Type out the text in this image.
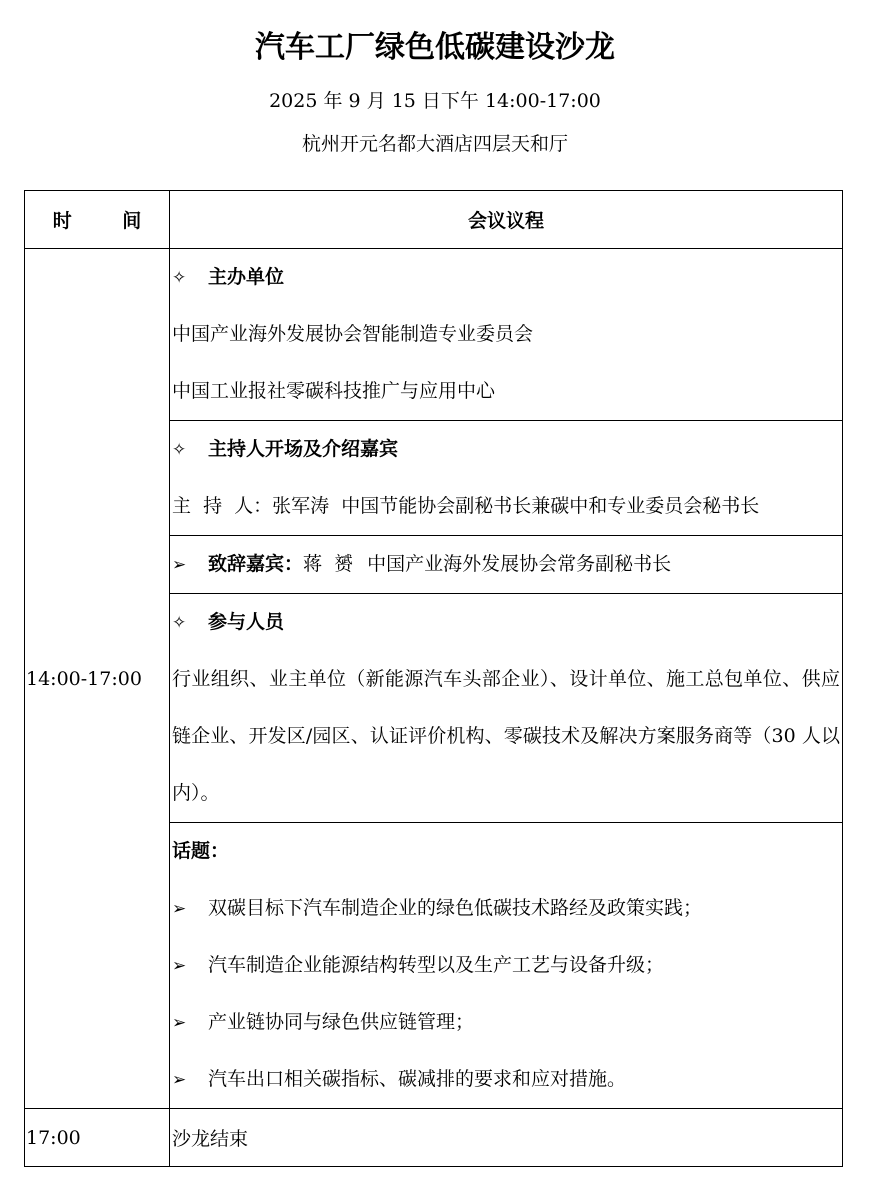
汽车工厂绿色低碳建设沙龙
2025 年 9 月 15 日下午 14:00-17:00
杭州开元名都大酒店四层天和厅
时 间	会议议程

14:00-17:00	✧ 主办单位
中国产业海外发展协会智能制造专业委员会
中国工业报社零碳科技推广与应用中心

	✧ 主持人开场及介绍嘉宾
主  持  人：张军涛  中国节能协会副秘书长兼碳中和专业委员会秘书长

	➢ 致辞嘉宾：蒋  赟 中国产业海外发展协会常务副秘书长

	✧ 参与人员
行业组织、业主单位（新能源汽车头部企业）、设计单位、施工总包单位、供应链企业、开发区/园区、认证评价机构、零碳技术及解决方案服务商等（30 人以内）。

	话题：
➢ 双碳目标下汽车制造企业的绿色低碳技术路经及政策实践；
➢ 汽车制造企业能源结构转型以及生产工艺与设备升级；
➢ 产业链协同与绿色供应链管理；
➢ 汽车出口相关碳指标、碳减排的要求和应对措施。

17:00	沙龙结束
